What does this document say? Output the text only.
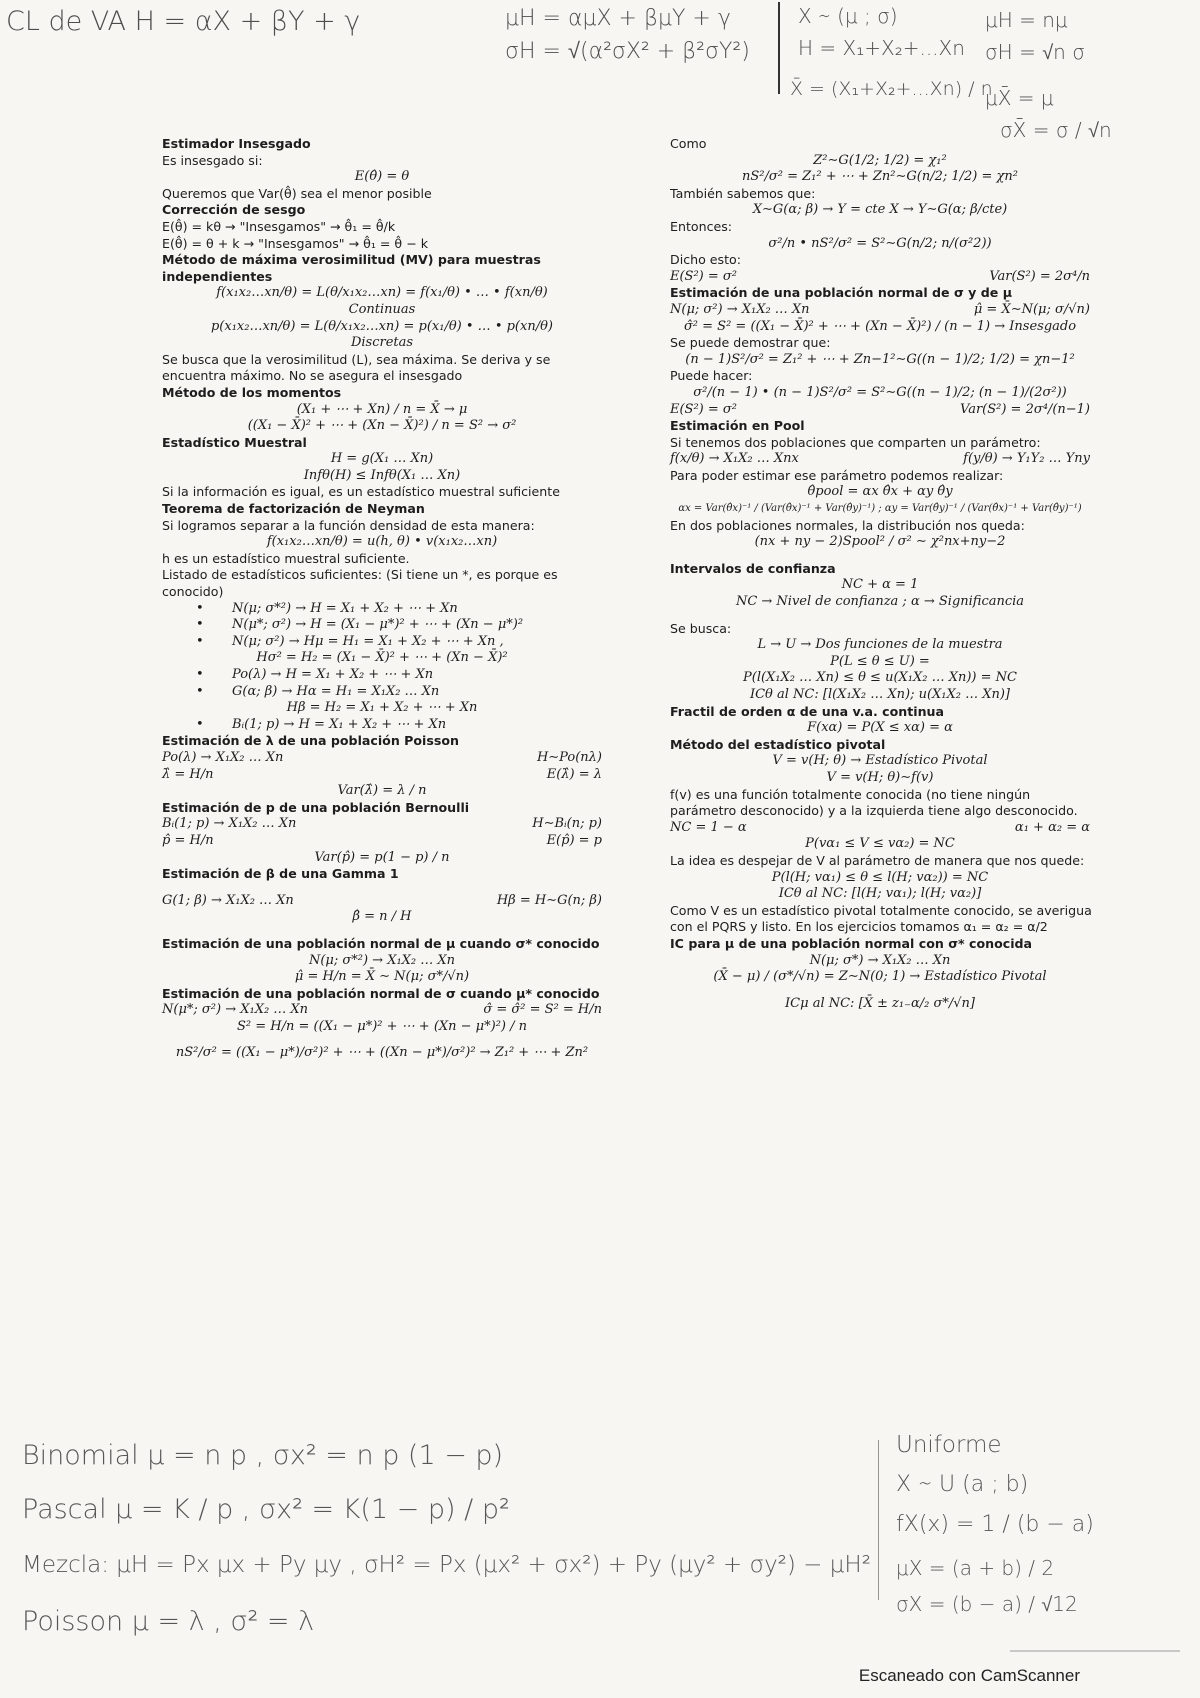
CL de VA H = αX + βY + γ	μH = αμX + βμY + γ
σH = √(α²σX² + β²σY²)
X ∼ (μ ; σ)	μH = nμ
H = X₁+X₂+...Xn σH = √n σ
X̄ = (X₁+X₂+...Xn) / n
μX̄ = μ
σX̄ = σ / √n
Estimador Insesgado
Es insesgado si:
E(θ̂) = θ
Queremos que Var(θ̂) sea el menor posible
Corrección de sesgo
E(θ̂) = kθ → "Insesgamos" → θ̂₁ = θ̂/k
E(θ̂) = θ + k → "Insesgamos" → θ̂₁ = θ̂ − k
Método de máxima verosimilitud (MV) para muestras
independientes
f(x₁x₂…xn/θ) = L(θ/x₁x₂…xn) = f(x₁/θ) • … • f(xn/θ)
Continuas
p(x₁x₂…xn/θ) = L(θ/x₁x₂…xn) = p(x₁/θ) • … • p(xn/θ)
Discretas
Se busca que la verosimilitud (L), sea máxima. Se deriva y se
encuentra máximo. No se asegura el insesgado
Método de los momentos
(X₁ + ⋯ + Xn) / n = X̄ → μ
((X₁ − X̄)² + ⋯ + (Xn − X̄)²) / n = S² → σ²
Estadístico Muestral
H = g(X₁ … Xn)
Infθ(H) ≤ Infθ(X₁ … Xn)
Si la información es igual, es un estadístico muestral suficiente
Teorema de factorización de Neyman
Si logramos separar a la función densidad de esta manera:
f(x₁x₂…xn/θ) = u(h, θ) • v(x₁x₂…xn)
h es un estadístico muestral suficiente.
Listado de estadísticos suficientes: (Si tiene un *, es porque es
conocido)
• N(μ; σ*²) → H = X₁ + X₂ + ⋯ + Xn
• N(μ*; σ²) → H = (X₁ − μ*)² + ⋯ + (Xn − μ*)²
• N(μ; σ²) → Hμ = H₁ = X₁ + X₂ + ⋯ + Xn ,
Hσ² = H₂ = (X₁ − X̄)² + ⋯ + (Xn − X̄)²
• Po(λ) → H = X₁ + X₂ + ⋯ + Xn
• G(α; β) → Hα = H₁ = X₁X₂ … Xn
Hβ = H₂ = X₁ + X₂ + ⋯ + Xn
• Bᵢ(1; p) → H = X₁ + X₂ + ⋯ + Xn
Estimación de λ de una población Poisson
Po(λ) → X₁X₂ … Xn	H∼Po(nλ)
λ̂ = H/n	E(λ̂) = λ
Var(λ̂) = λ / n
Estimación de p de una población Bernoulli
Bᵢ(1; p) → X₁X₂ … Xn	H∼Bᵢ(n; p)
p̂ = H/n	E(p̂) = p
Var(p̂) = p(1 − p) / n
Estimación de β de una Gamma 1
G(1; β) → X₁X₂ … Xn	Hβ = H∼G(n; β)
β̂ = n / H
Estimación de una población normal de μ cuando σ* conocido
N(μ; σ*²) → X₁X₂ … Xn
μ̂ = H/n = X̄ ∼ N(μ; σ*/√n)
Estimación de una población normal de σ cuando μ* conocido
N(μ*; σ²) → X₁X₂ … Xn	σ̂ = σ̂² = S² = H/n
S² = H/n = ((X₁ − μ*)² + ⋯ + (Xn − μ*)²) / n
nS²/σ² = ((X₁ − μ*)/σ²)² + ⋯ + ((Xn − μ*)/σ²)² → Z₁² + ⋯ + Zn²
Como
Z²∼G(1/2; 1/2) = χ₁²
nS²/σ² = Z₁² + ⋯ + Zn²∼G(n/2; 1/2) = χn²
También sabemos que:
X∼G(α; β) → Y = cte X → Y∼G(α; β/cte)
Entonces:
σ²/n • nS²/σ² = S²∼G(n/2; n/(σ²2))
Dicho esto:
E(S²) = σ²	Var(S²) = 2σ⁴/n
Estimación de una población normal de σ y de μ
N(μ; σ²) → X₁X₂ … Xn	μ̂ = X̄∼N(μ; σ/√n)
σ̂² = S² = ((X₁ − X̄)² + ⋯ + (Xn − X̄)²) / (n − 1) → Insesgado
Se puede demostrar que:
(n − 1)S²/σ² = Z₁² + ⋯ + Zn−1²∼G((n − 1)/2; 1/2) = χn−1²
Puede hacer:
σ²/(n − 1) • (n − 1)S²/σ² = S²∼G((n − 1)/2; (n − 1)/(2σ²))
E(S²) = σ²	Var(S²) = 2σ⁴/(n−1)
Estimación en Pool
Si tenemos dos poblaciones que comparten un parámetro:
f(x/θ) → X₁X₂ … Xnx	f(y/θ) → Y₁Y₂ … Yny
Para poder estimar ese parámetro podemos realizar:
θ̂pool = αx θ̂x + αy θ̂y
αx = Var(θ̂x)⁻¹ / (Var(θ̂x)⁻¹ + Var(θ̂y)⁻¹) ; αy = Var(θ̂y)⁻¹ / (Var(θ̂x)⁻¹ + Var(θ̂y)⁻¹)
En dos poblaciones normales, la distribución nos queda:
(nx + ny − 2)Spool² / σ² ∼ χ²nx+ny−2
Intervalos de confianza
NC + α = 1
NC → Nivel de confianza ; α → Significancia
Se busca:
L → U → Dos funciones de la muestra
P(L ≤ θ ≤ U) =
P(l(X₁X₂ … Xn) ≤ θ ≤ u(X₁X₂ … Xn)) = NC
ICθ al NC: [l(X₁X₂ … Xn); u(X₁X₂ … Xn)]
Fractil de orden α de una v.a. continua
F(xα) = P(X ≤ xα) = α
Método del estadístico pivotal
V = v(H; θ) → Estadístico Pivotal
V = v(H; θ)∼f(v)
f(v) es una función totalmente conocida (no tiene ningún
parámetro desconocido) y a la izquierda tiene algo desconocido.
NC = 1 − α	α₁ + α₂ = α
P(vα₁ ≤ V ≤ vα₂) = NC
La idea es despejar de V al parámetro de manera que nos quede:
P(l(H; vα₁) ≤ θ ≤ l(H; vα₂)) = NC
ICθ al NC: [l(H; vα₁); l(H; vα₂)]
Como V es un estadístico pivotal totalmente conocido, se averigua
con el PQRS y listo. En los ejercicios tomamos α₁ = α₂ = α/2
IC para μ de una población normal con σ* conocida
N(μ; σ*) → X₁X₂ … Xn
(X̄ − μ) / (σ*/√n) = Z∼N(0; 1) → Estadístico Pivotal
ICμ al NC: [X̄ ± z₁₋α/₂ σ*/√n]
Binomial μ = n p , σx² = n p (1 − p)
Pascal μ = K / p , σx² = K(1 − p) / p²
Mezcla: μH = Px μx + Py μy , σH² = Px (μx² + σx²) + Py (μy² + σy²) − μH²
Poisson μ = λ , σ² = λ
Uniforme
X ∼ U (a ; b)
fX(x) = 1 / (b − a)
μX = (a + b) / 2
σX = (b − a) / √12
Escaneado con CamScanner
